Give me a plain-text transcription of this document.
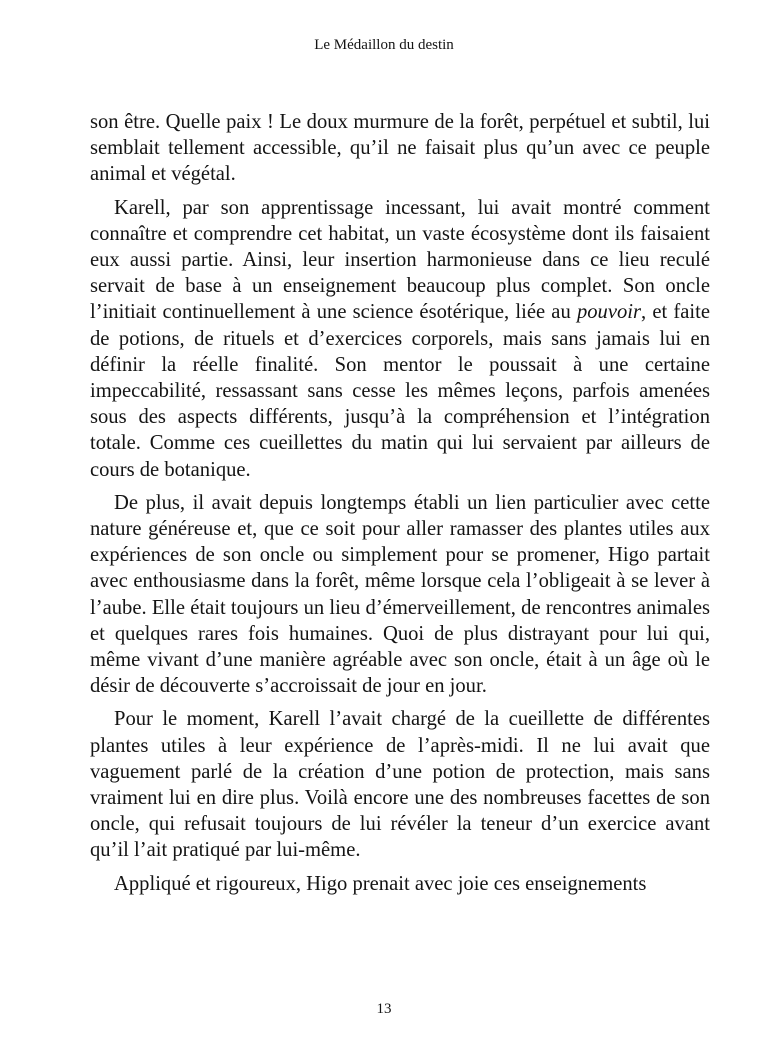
Le Médaillon du destin

son être. Quelle paix ! Le doux murmure de la forêt, perpétuel et subtil, lui semblait tellement accessible, qu’il ne faisait plus qu’un avec ce peuple animal et végétal.

Karell, par son apprentissage incessant, lui avait montré comment connaître et comprendre cet habitat, un vaste écosystème dont ils faisaient eux aussi partie. Ainsi, leur insertion harmonieuse dans ce lieu reculé servait de base à un enseignement beaucoup plus complet. Son oncle l’initiait continuellement à une science ésotérique, liée au pouvoir, et faite de potions, de rituels et d’exercices corporels, mais sans jamais lui en définir la réelle finalité. Son mentor le poussait à une certaine impeccabilité, ressassant sans cesse les mêmes leçons, parfois amenées sous des aspects différents, jusqu’à la compréhension et l’intégration totale. Comme ces cueillettes du matin qui lui servaient par ailleurs de cours de botanique.

De plus, il avait depuis longtemps établi un lien particulier avec cette nature généreuse et, que ce soit pour aller ramasser des plantes utiles aux expériences de son oncle ou simplement pour se promener, Higo partait avec enthousiasme dans la forêt, même lorsque cela l’obligeait à se lever à l’aube. Elle était toujours un lieu d’émerveillement, de rencontres animales et quelques rares fois humaines. Quoi de plus distrayant pour lui qui, même vivant d’une manière agréable avec son oncle, était à un âge où le désir de découverte s’accroissait de jour en jour.

Pour le moment, Karell l’avait chargé de la cueillette de différentes plantes utiles à leur expérience de l’après-midi. Il ne lui avait que vaguement parlé de la création d’une potion de protection, mais sans vraiment lui en dire plus. Voilà encore une des nombreuses facettes de son oncle, qui refusait toujours de lui révéler la teneur d’un exercice avant qu’il l’ait pratiqué par lui-même.

Appliqué et rigoureux, Higo prenait avec joie ces enseignements

13
